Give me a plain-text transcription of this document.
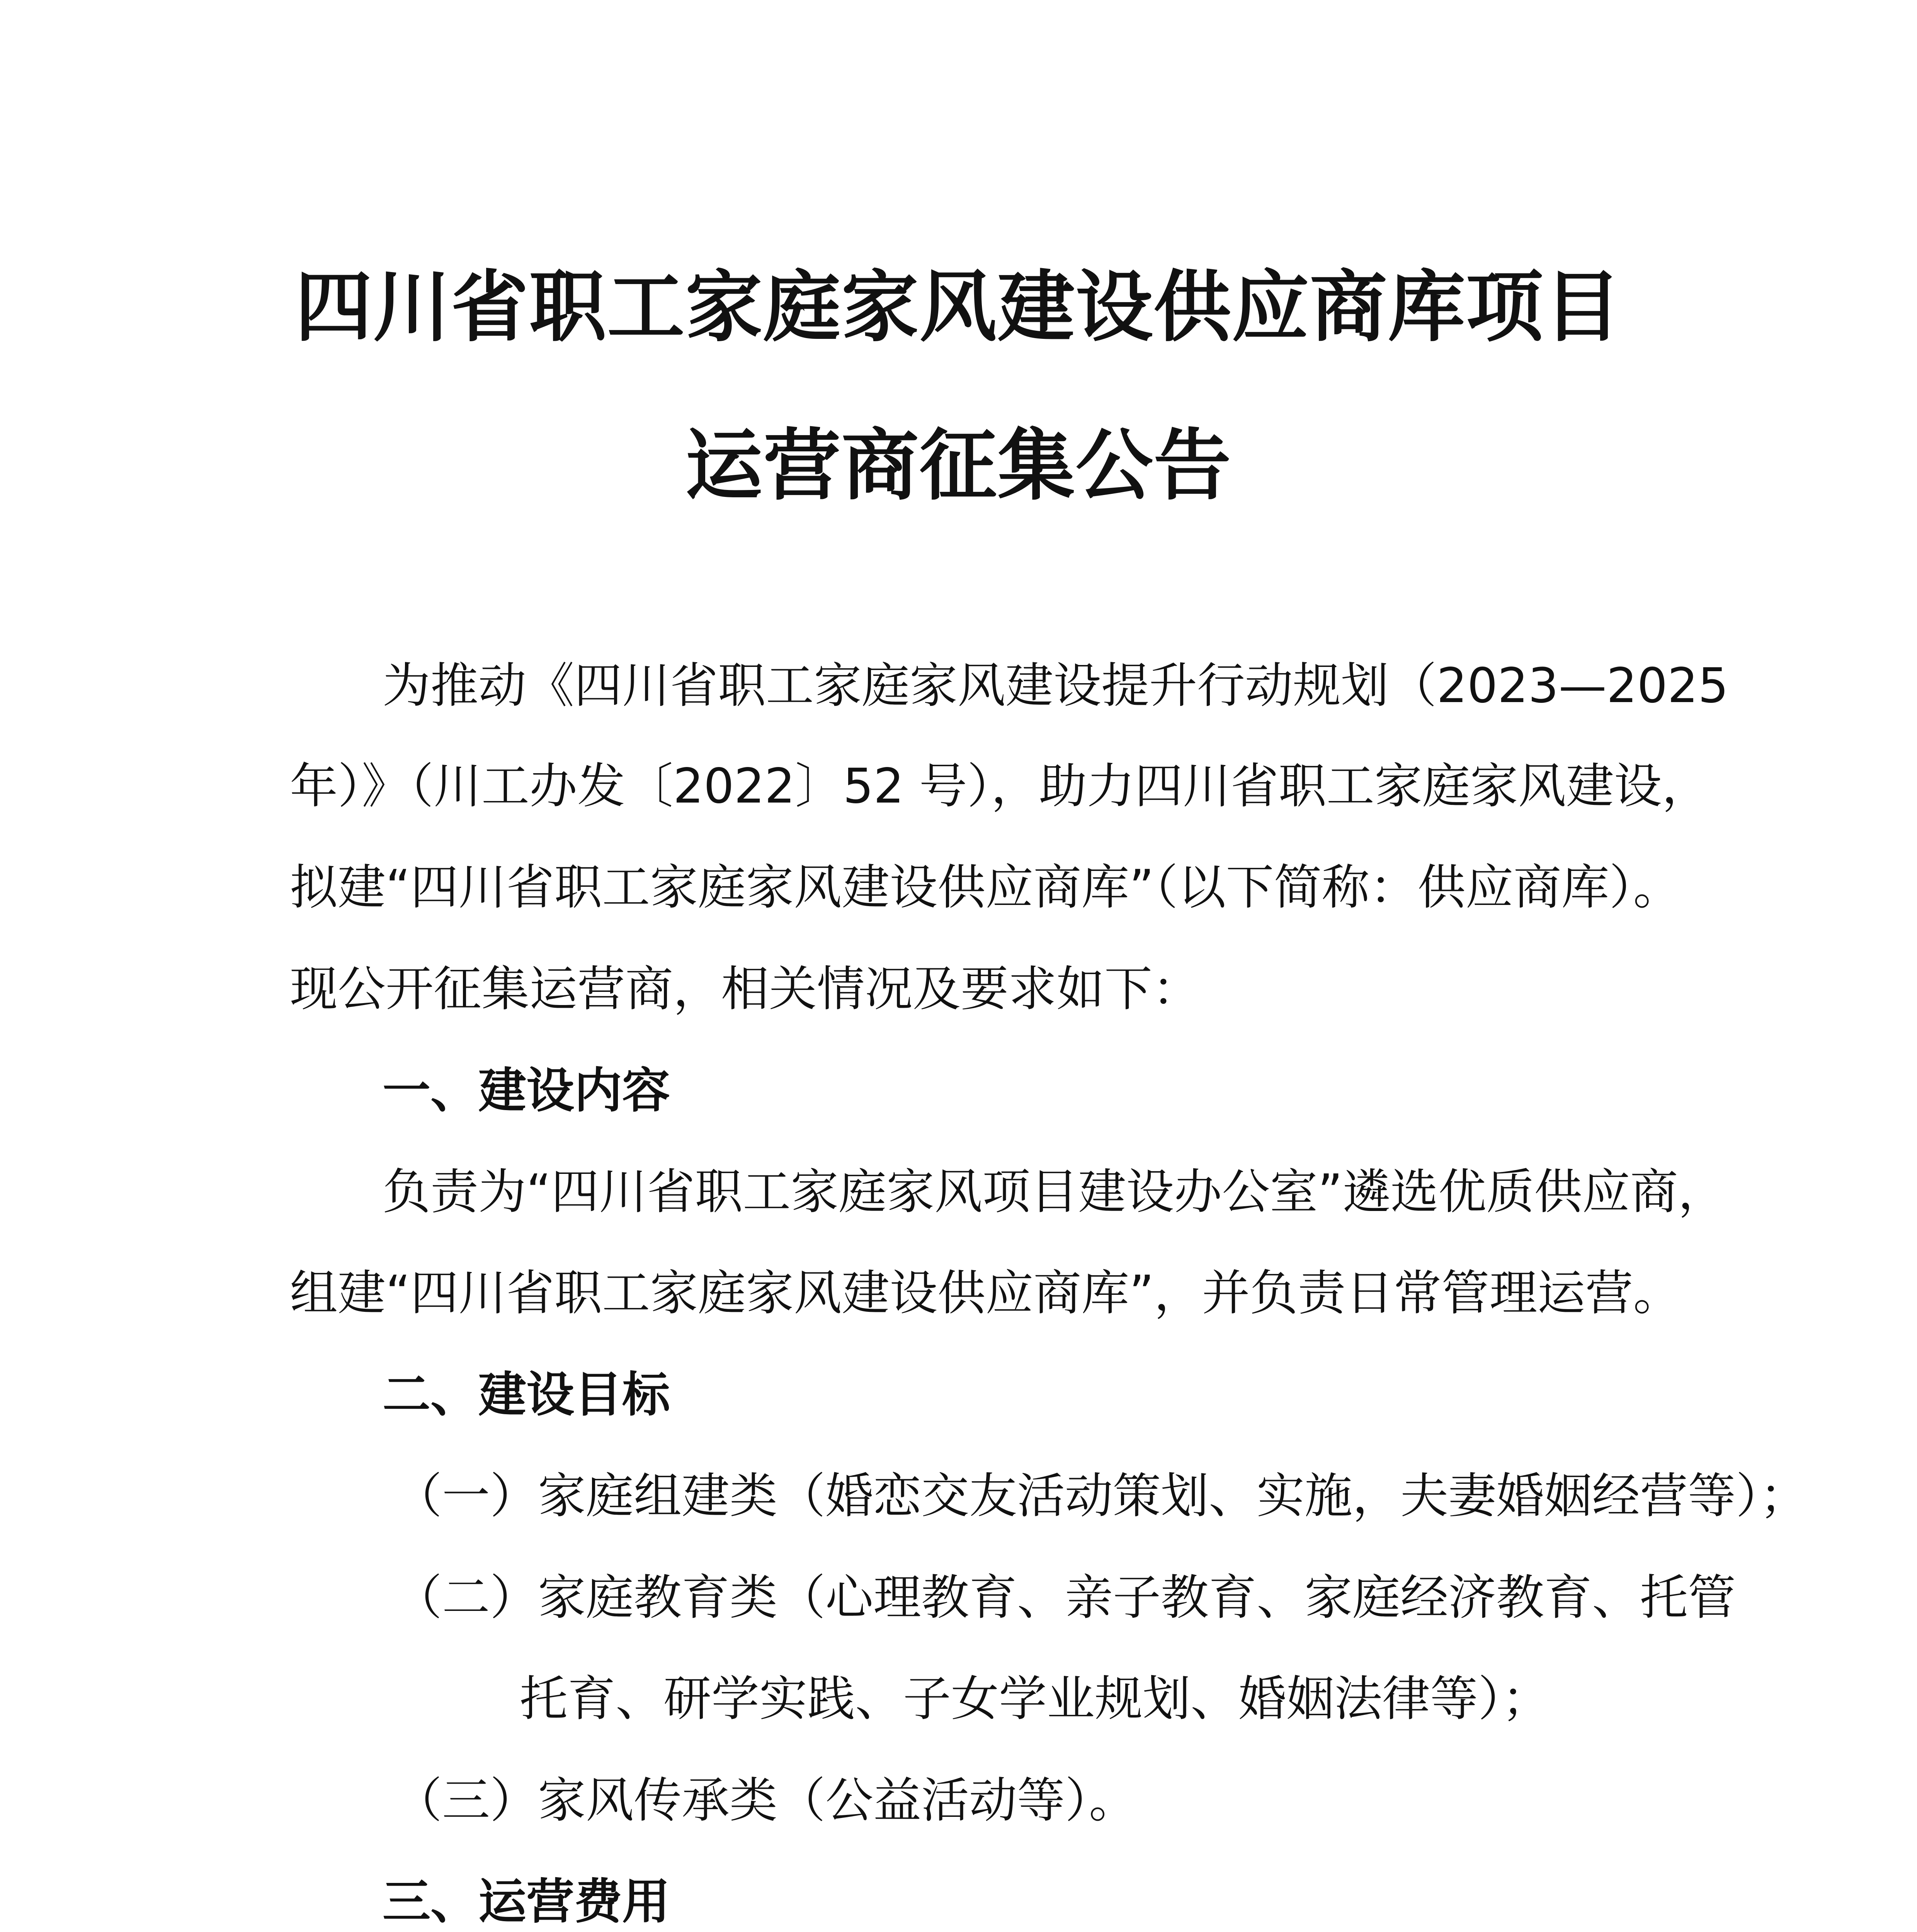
四川省职工家庭家风建设供应商库项目
运营商征集公告
为推动《四川省职工家庭家风建设提升行动规划（2023—2025
年）》（川工办发〔2022〕52 号），助力四川省职工家庭家风建设，
拟建“四川省职工家庭家风建设供应商库”（以下简称：供应商库）。
现公开征集运营商，相关情况及要求如下：
一、建设内容
负责为“四川省职工家庭家风项目建设办公室”遴选优质供应商，
组建“四川省职工家庭家风建设供应商库”，并负责日常管理运营。
二、建设目标
（一）家庭组建类（婚恋交友活动策划、实施，夫妻婚姻经营等）；
（二）家庭教育类（心理教育、亲子教育、家庭经济教育、托管
托育、研学实践、子女学业规划、婚姻法律等）；
（三）家风传承类（公益活动等）。
三、运营费用
